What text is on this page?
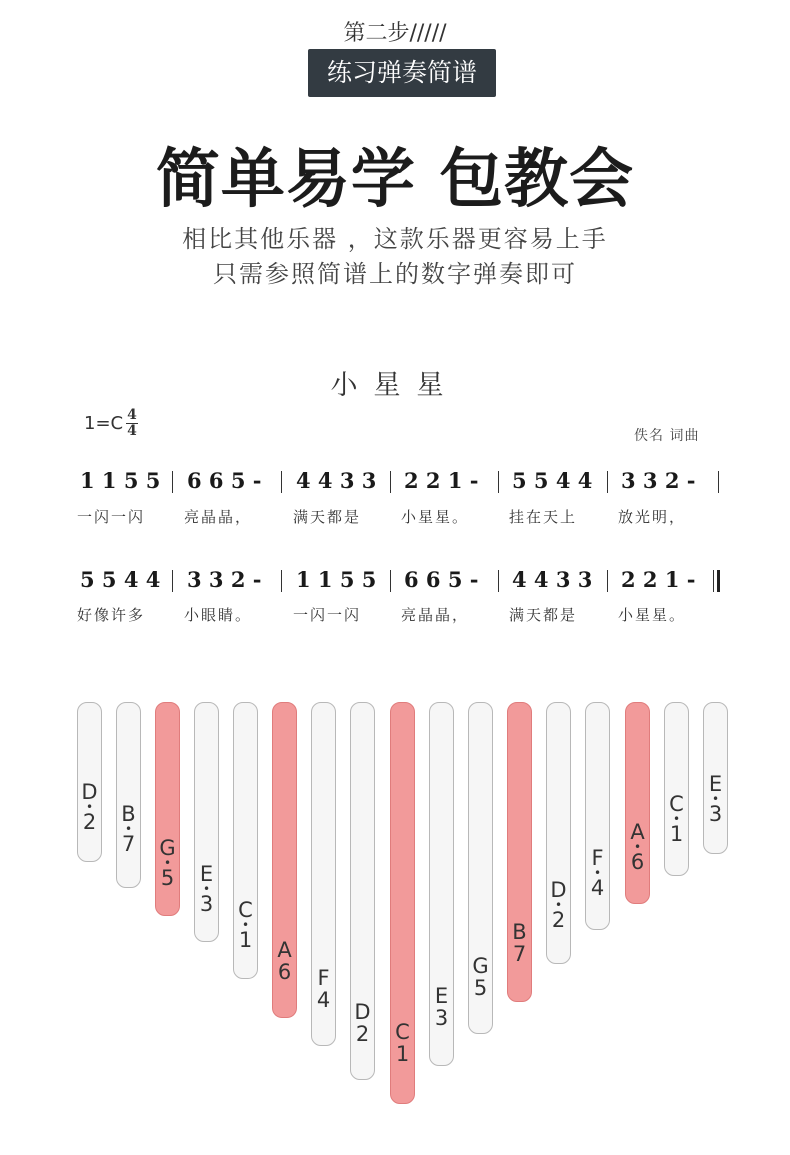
第二步/////
练习弹奏简谱
简单易学 包教会
相比其他乐器 ，这款乐器更容易上手
只需参照简谱上的数字弹奏即可
小星星
$1=C \frac{4}{4}$	佚名 词曲
1 1 5 5
一闪一闪
6 6 5 -
亮晶晶，
4 4 3 3
满天都是
2 2 1 -
小星星。
5 5 4 4
挂在天上
3 3 2 -
放光明，
5 5 4 4
好像许多
3 3 2 -
小眼睛。
1 1 5 5
一闪一闪
6 6 5 -
亮晶晶，
4 4 3 3
满天都是
2 2 1 -
小星星。
D
•
2 B
•
7 G
•
5 E
•
3 C
•
1 A
6 F
4 D
2 C
1
E
3
G
5
B
7
D
•
2
F
•
4
A
•
6
C
•
1
E
•
3
